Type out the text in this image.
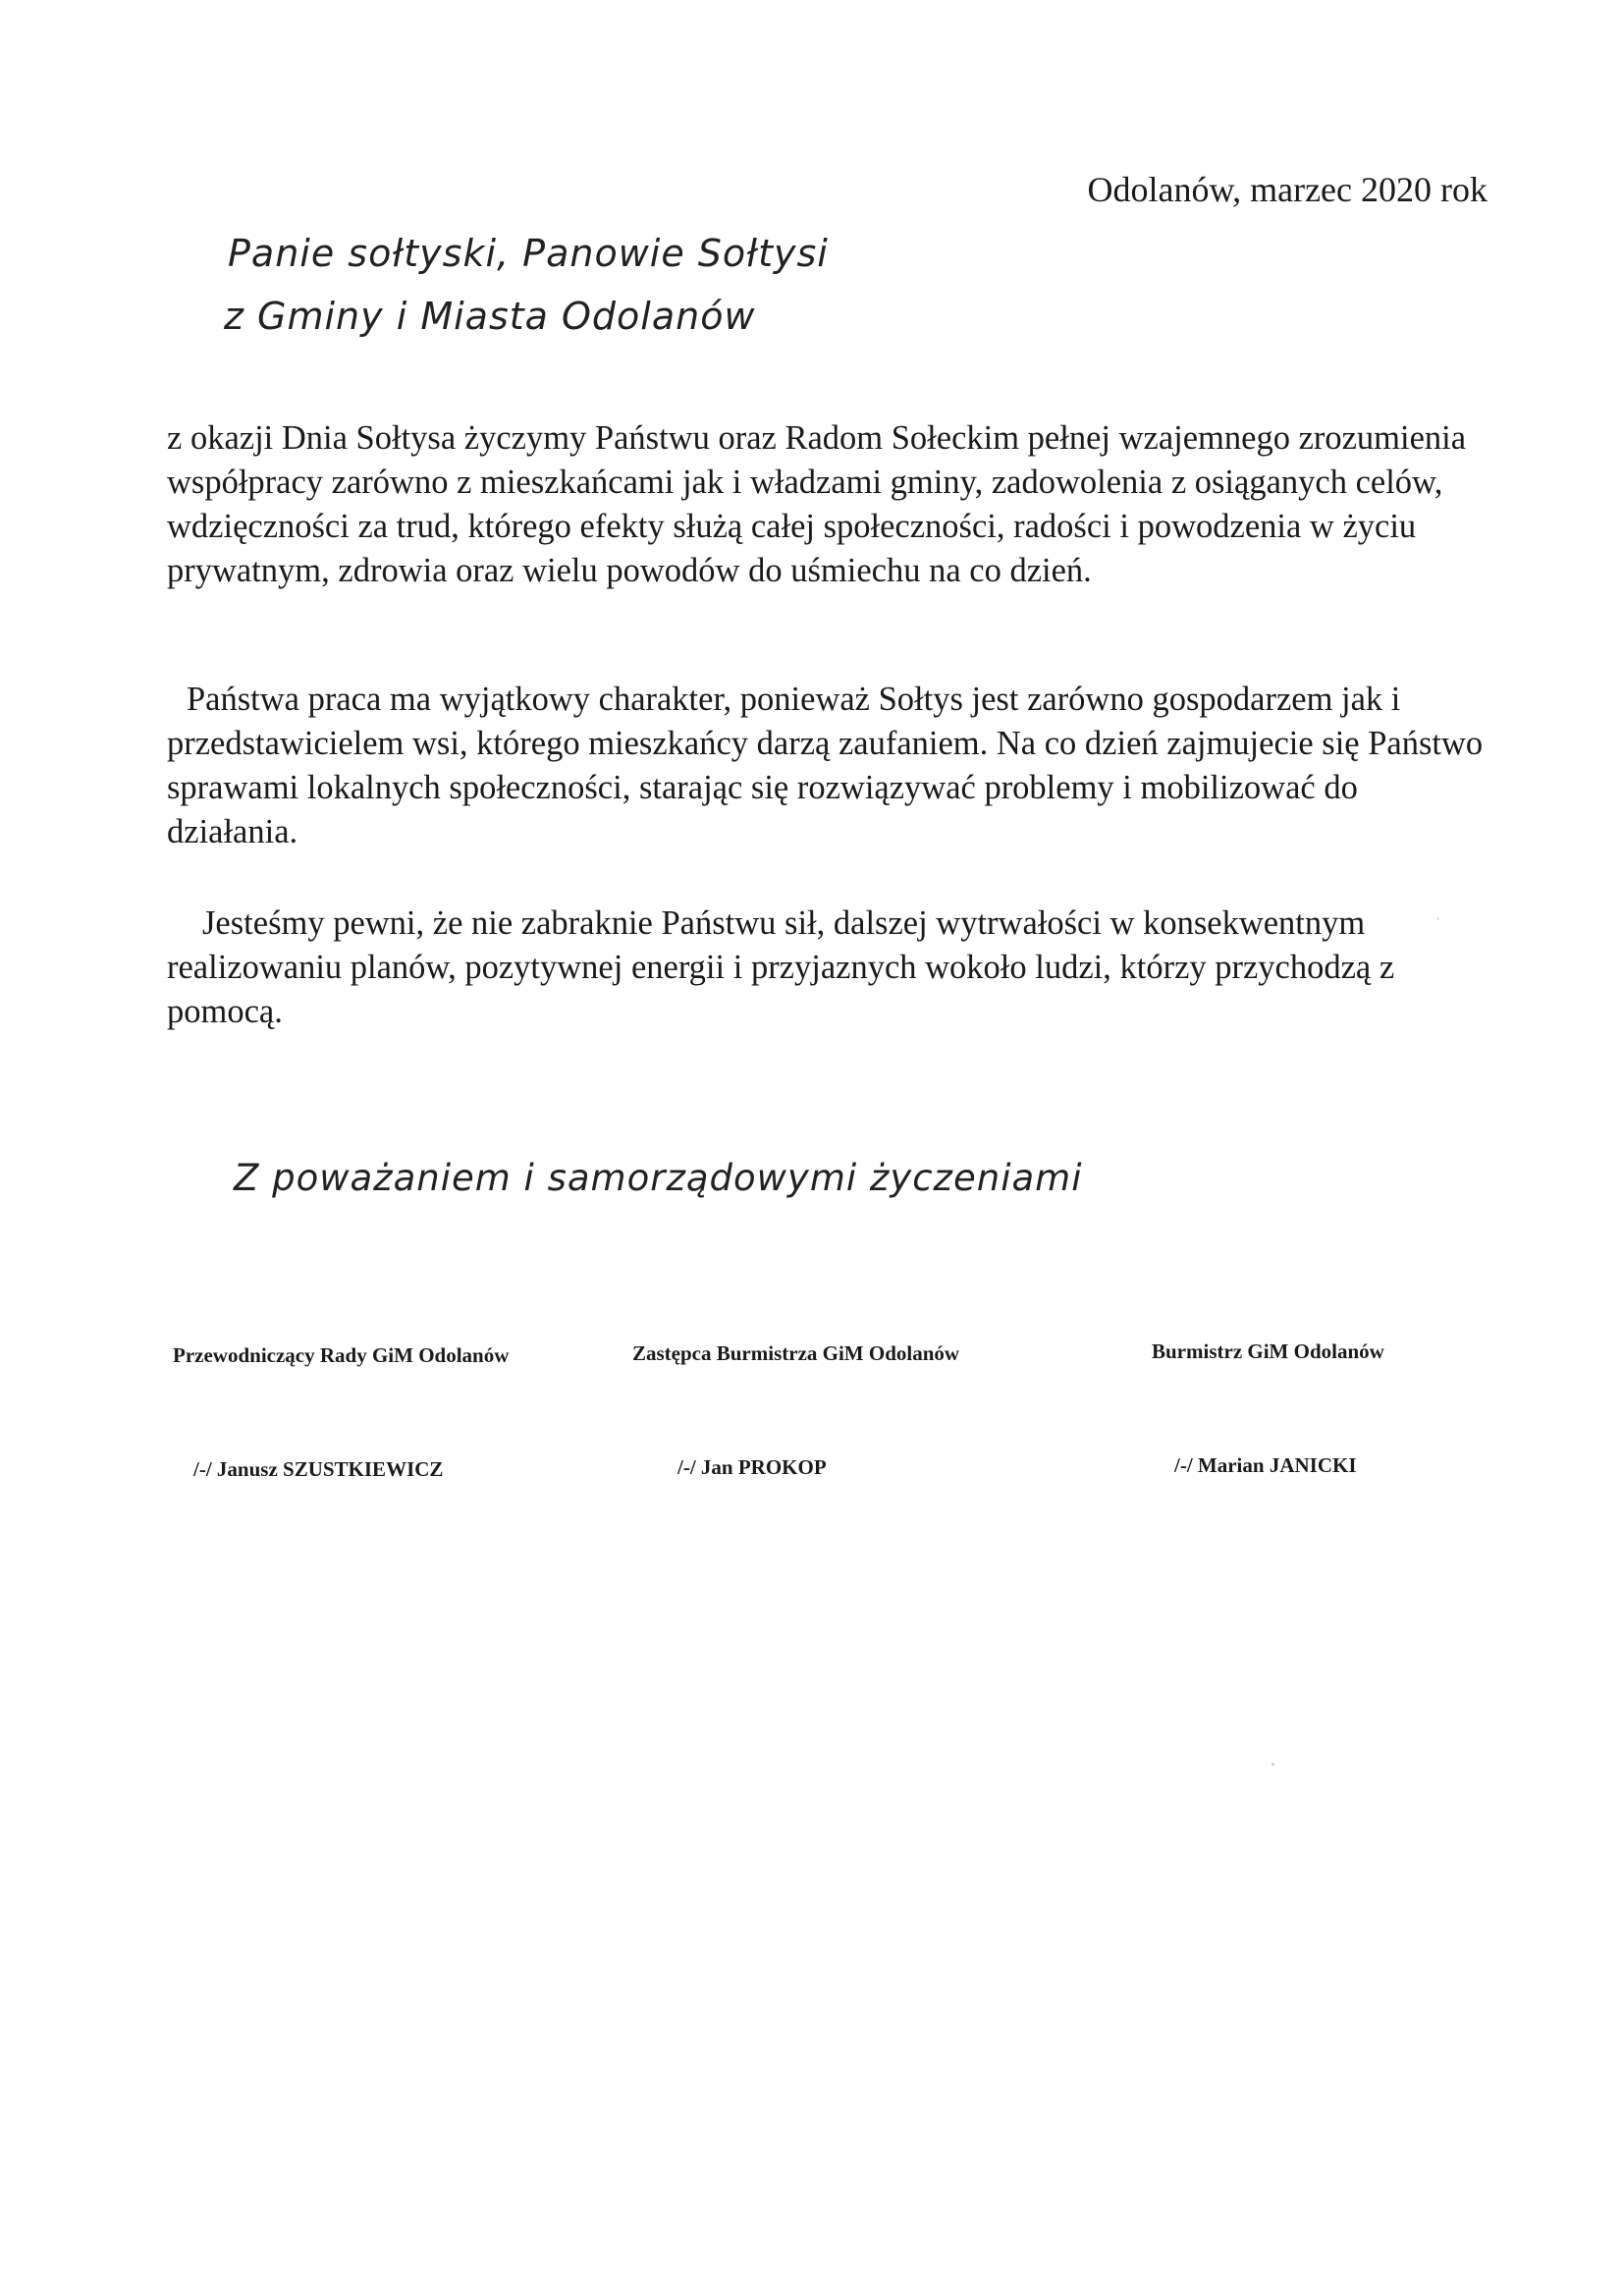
Odolanów, marzec 2020 rok
Panie sołtyski, Panowie Sołtysi
z Gminy i Miasta Odolanów

z okazji Dnia Sołtysa życzymy Państwu oraz Radom Sołeckim pełnej wzajemnego zrozumienia współpracy zarówno z mieszkańcami jak i władzami gminy, zadowolenia z osiąganych celów, wdzięczności za trud, którego efekty służą całej społeczności, radości i powodzenia w życiu prywatnym, zdrowia oraz wielu powodów do uśmiechu na co dzień.

Państwa praca ma wyjątkowy charakter, ponieważ Sołtys jest zarówno gospodarzem jak i przedstawicielem wsi, którego mieszkańcy darzą zaufaniem. Na co dzień zajmujecie się Państwo sprawami lokalnych społeczności, starając się rozwiązywać problemy i mobilizować do działania.

Jesteśmy pewni, że nie zabraknie Państwu sił, dalszej wytrwałości w konsekwentnym realizowaniu planów, pozytywnej energii i przyjaznych wokoło ludzi, którzy przychodzą z pomocą.

Z poważaniem i samorządowymi życzeniami
Przewodniczący Rady GiM Odolanów	Zastępca Burmistrza GiM Odolanów	Burmistrz GiM Odolanów
/-/ Janusz SZUSTKIEWICZ	/-/ Jan PROKOP	/-/ Marian JANICKI
